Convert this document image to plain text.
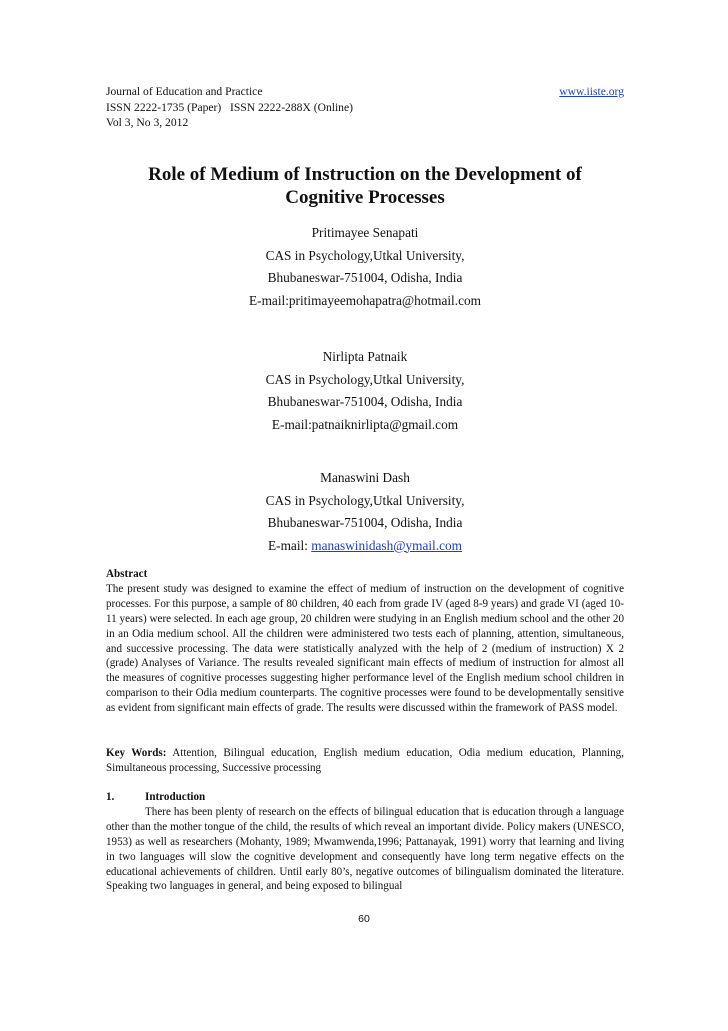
Journal of Education and Practice	www.iiste.org
ISSN 2222-1735 (Paper)   ISSN 2222-288X (Online)
Vol 3, No 3, 2012
Role of Medium of Instruction on the Development of
Cognitive Processes
Pritimayee Senapati
CAS in Psychology,Utkal University,
Bhubaneswar-751004, Odisha, India
E-mail:pritimayeemohapatra@hotmail.com
Nirlipta Patnaik
CAS in Psychology,Utkal University,
Bhubaneswar-751004, Odisha, India
E-mail:patnaiknirlipta@gmail.com
Manaswini Dash
CAS in Psychology,Utkal University,
Bhubaneswar-751004, Odisha, India
E-mail: manaswinidash@ymail.com
Abstract

The present study was designed to examine the effect of medium of instruction on the development of cognitive processes. For this purpose, a sample of 80 children, 40 each from grade IV (aged 8-9 years) and grade VI (aged 10-11 years) were selected. In each age group, 20 children were studying in an English medium school and the other 20 in an Odia medium school. All the children were administered two tests each of planning, attention, simultaneous, and successive processing. The data were statistically analyzed with the help of 2 (medium of instruction) X 2 (grade) Analyses of Variance. The results revealed significant main effects of medium of instruction for almost all the measures of cognitive processes suggesting higher performance level of the English medium school children in comparison to their Odia medium counterparts. The cognitive processes were found to be developmentally sensitive as evident from significant main effects of grade. The results were discussed within the framework of PASS model.

Key Words: Attention, Bilingual education, English medium education, Odia medium education, Planning, Simultaneous processing, Successive processing
1.	Introduction

There has been plenty of research on the effects of bilingual education that is education through a language other than the mother tongue of the child, the results of which reveal an important divide. Policy makers (UNESCO, 1953) as well as researchers (Mohanty, 1989; Mwamwenda,1996; Pattanayak, 1991) worry that learning and living in two languages will slow the cognitive development and consequently have long term negative effects on the educational achievements of children. Until early 80’s, negative outcomes of bilingualism dominated the literature. Speaking two languages in general, and being exposed to bilingual

60
